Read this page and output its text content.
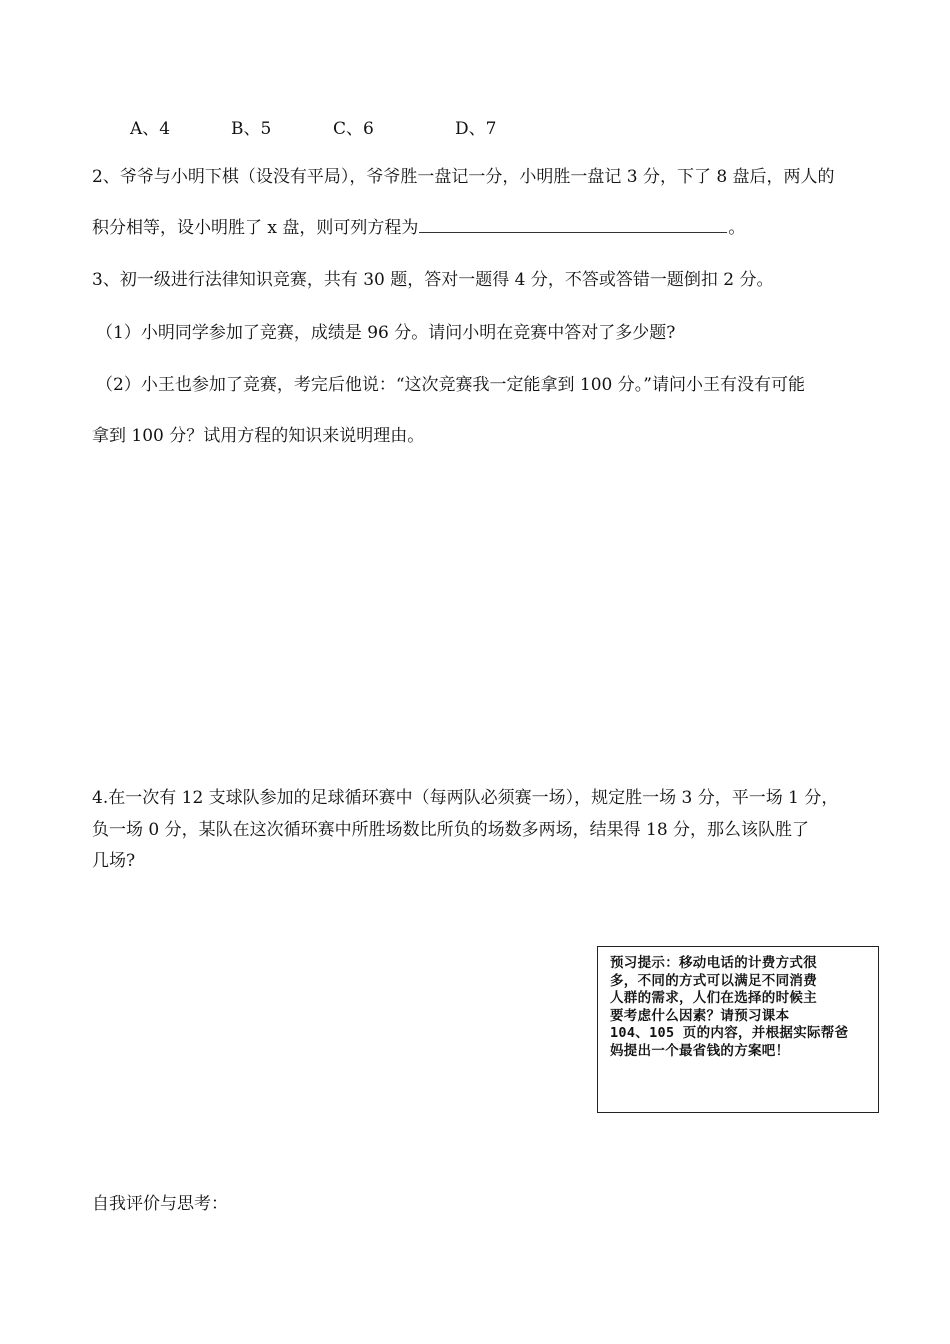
A、4	B、5	C、6	D、7
2、爷爷与小明下棋（设没有平局），爷爷胜一盘记一分，小明胜一盘记 3 分，下了 8 盘后，两人的
积分相等，设小明胜了 x 盘，则可列方程为	。
3、初一级进行法律知识竞赛，共有 30 题，答对一题得 4 分，不答或答错一题倒扣 2 分。
（1）小明同学参加了竞赛，成绩是 96 分。请问小明在竞赛中答对了多少题?
（2）小王也参加了竞赛，考完后他说：“这次竞赛我一定能拿到 100 分。”请问小王有没有可能
拿到 100 分？试用方程的知识来说明理由。
4.在一次有 12 支球队参加的足球循环赛中（每两队必须赛一场），规定胜一场 3 分，平一场 1 分，
负一场 0 分，某队在这次循环赛中所胜场数比所负的场数多两场，结果得 18 分，那么该队胜了
几场?
预习提示：移动电话的计费方式很
多，不同的方式可以满足不同消费
人群的需求，人们在选择的时候主
要考虑什么因素？请预习课本
104、105 页的内容，并根据实际帮爸
妈提出一个最省钱的方案吧！
自我评价与思考：
